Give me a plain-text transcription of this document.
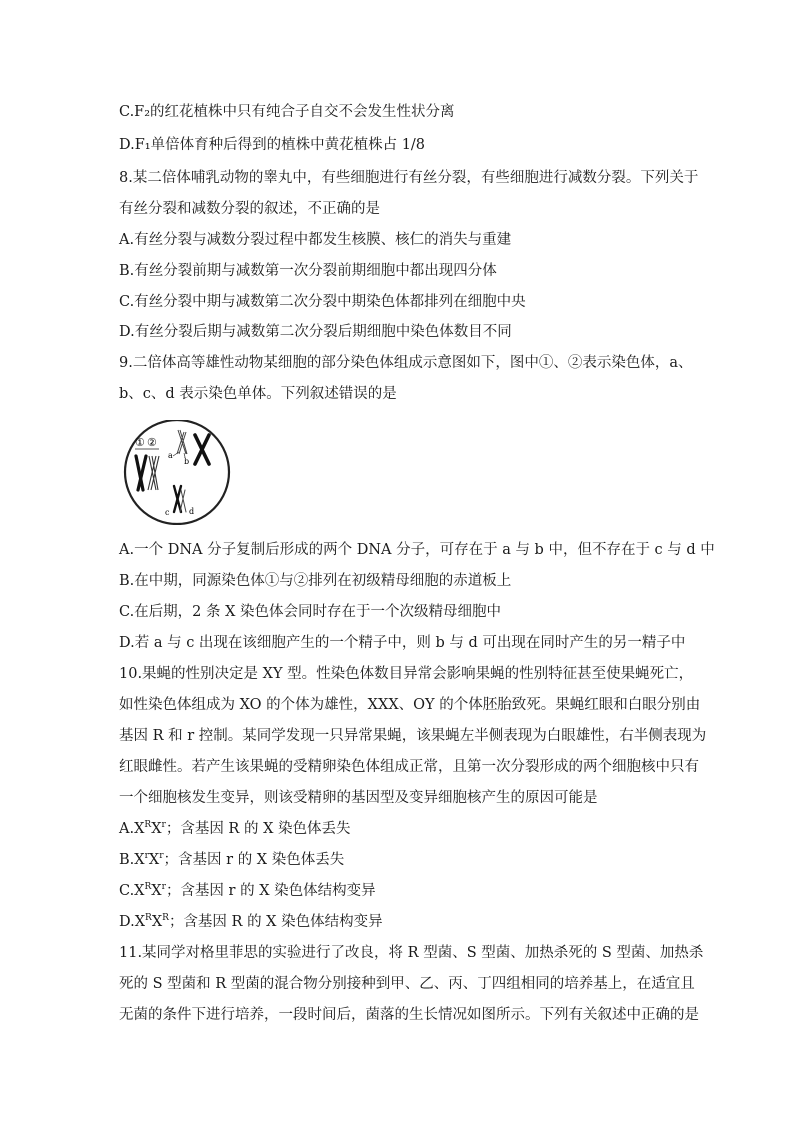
C.F₂的红花植株中只有纯合子自交不会发生性状分离

D.F₁单倍体育种后得到的植株中黄花植株占 1/8

8.某二倍体哺乳动物的睾丸中，有些细胞进行有丝分裂，有些细胞进行减数分裂。下列关于

有丝分裂和减数分裂的叙述，不正确的是

A.有丝分裂与减数分裂过程中都发生核膜、核仁的消失与重建

B.有丝分裂前期与减数第一次分裂前期细胞中都出现四分体

C.有丝分裂中期与减数第二次分裂中期染色体都排列在细胞中央

D.有丝分裂后期与减数第二次分裂后期细胞中染色体数目不同

9.二倍体高等雄性动物某细胞的部分染色体组成示意图如下，图中①、②表示染色体，a、

b、c、d 表示染色单体。下列叙述错误的是

① ②
a
b
c d

A.一个 DNA 分子复制后形成的两个 DNA 分子，可存在于 a 与 b 中，但不存在于 c 与 d 中

B.在中期，同源染色体①与②排列在初级精母细胞的赤道板上

C.在后期，2 条 X 染色体会同时存在于一个次级精母细胞中

D.若 a 与 c 出现在该细胞产生的一个精子中，则 b 与 d 可出现在同时产生的另一精子中

10.果蝇的性别决定是 XY 型。性染色体数目异常会影响果蝇的性别特征甚至使果蝇死亡，

如性染色体组成为 XO 的个体为雄性，XXX、OY 的个体胚胎致死。果蝇红眼和白眼分别由

基因 R 和 r 控制。某同学发现一只异常果蝇，该果蝇左半侧表现为白眼雄性，右半侧表现为

红眼雌性。若产生该果蝇的受精卵染色体组成正常，且第一次分裂形成的两个细胞核中只有

一个细胞核发生变异，则该受精卵的基因型及变异细胞核产生的原因可能是

$A.X^RX^r$；含基因 R 的 X 染色体丢失

$B.X^rX^r$；含基因 r 的 X 染色体丢失

$C.X^RX^r$；含基因 r 的 X 染色体结构变异

$D.X^RX^R$；含基因 R 的 X 染色体结构变异

11.某同学对格里菲思的实验进行了改良，将 R 型菌、S 型菌、加热杀死的 S 型菌、加热杀

死的 S 型菌和 R 型菌的混合物分别接种到甲、乙、丙、丁四组相同的培养基上，在适宜且

无菌的条件下进行培养，一段时间后，菌落的生长情况如图所示。下列有关叙述中正确的是
